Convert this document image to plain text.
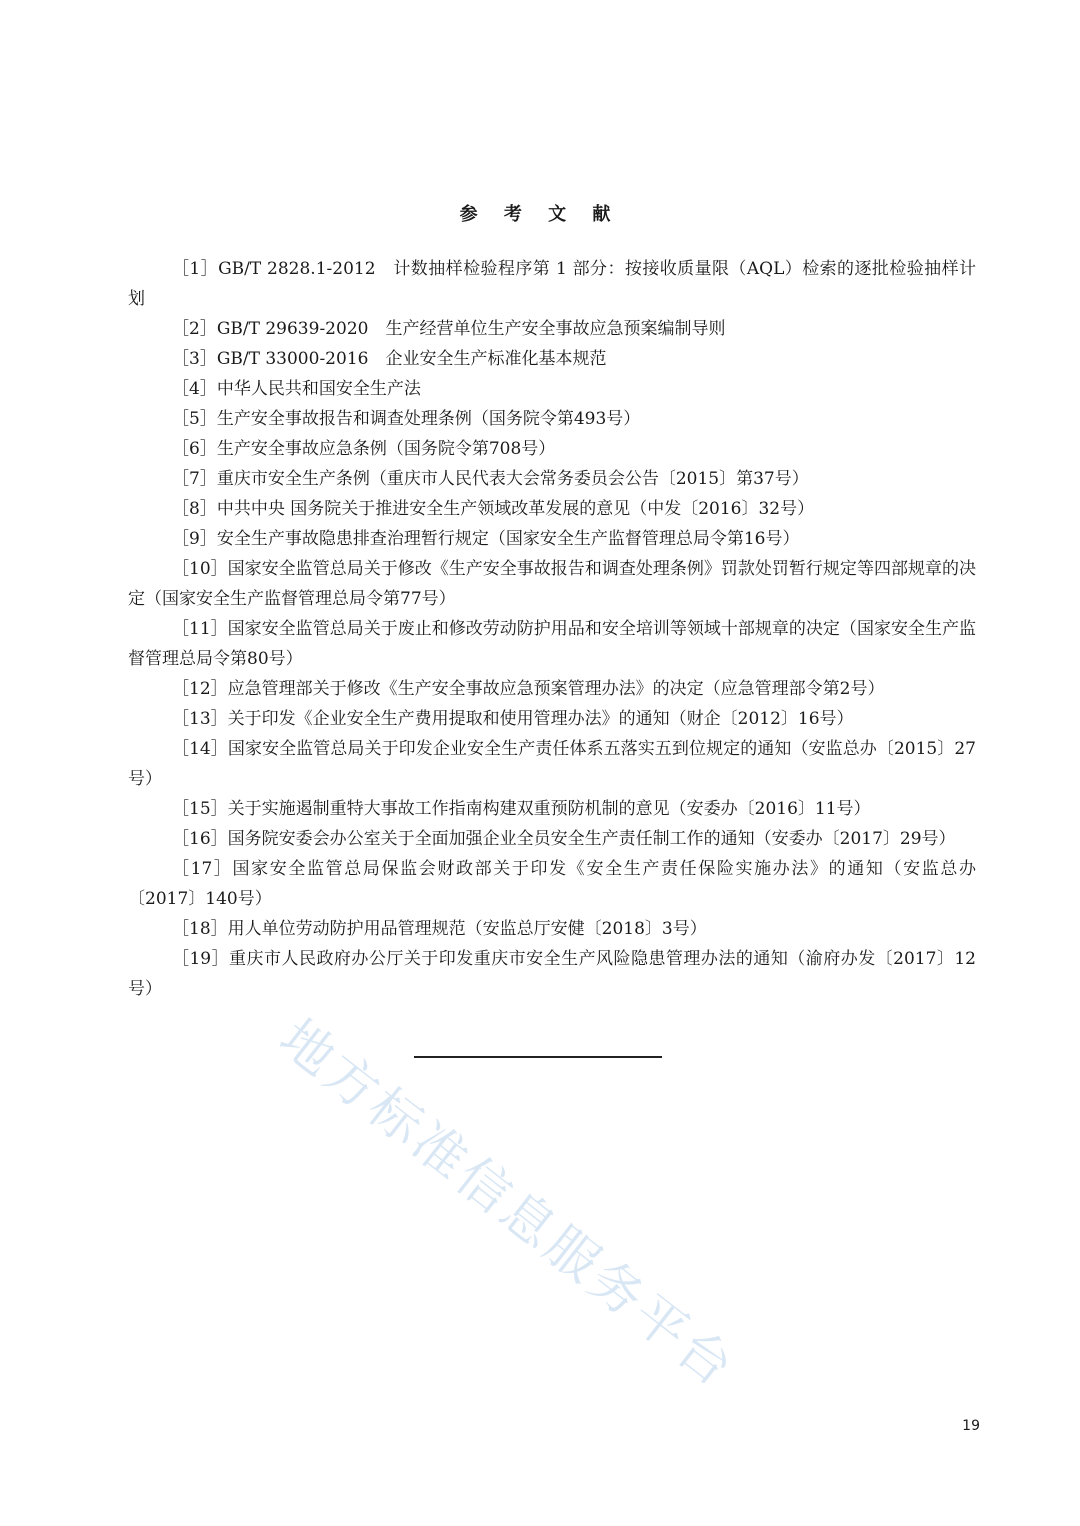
参 考 文 献

［1］GB/T 2828.1-2012　计数抽样检验程序第 1 部分：按接收质量限（AQL）检索的逐批检验抽样计划

［2］GB/T 29639-2020　生产经营单位生产安全事故应急预案编制导则

［3］GB/T 33000-2016　企业安全生产标准化基本规范

［4］中华人民共和国安全生产法

［5］生产安全事故报告和调查处理条例（国务院令第493号）

［6］生产安全事故应急条例（国务院令第708号）

［7］重庆市安全生产条例（重庆市人民代表大会常务委员会公告〔2015〕第37号）

［8］中共中央 国务院关于推进安全生产领域改革发展的意见（中发〔2016〕32号）

［9］安全生产事故隐患排查治理暂行规定（国家安全生产监督管理总局令第16号）

［10］国家安全监管总局关于修改《生产安全事故报告和调查处理条例》罚款处罚暂行规定等四部规章的决定（国家安全生产监督管理总局令第77号）

［11］国家安全监管总局关于废止和修改劳动防护用品和安全培训等领域十部规章的决定（国家安全生产监督管理总局令第80号）

［12］应急管理部关于修改《生产安全事故应急预案管理办法》的决定（应急管理部令第2号）

［13］关于印发《企业安全生产费用提取和使用管理办法》的通知（财企〔2012〕16号）

［14］国家安全监管总局关于印发企业安全生产责任体系五落实五到位规定的通知（安监总办〔2015〕27号）

［15］关于实施遏制重特大事故工作指南构建双重预防机制的意见（安委办〔2016〕11号）

［16］国务院安委会办公室关于全面加强企业全员安全生产责任制工作的通知（安委办〔2017〕29号）

［17］国家安全监管总局保监会财政部关于印发《安全生产责任保险实施办法》的通知（安监总办〔2017〕140号）

［18］用人单位劳动防护用品管理规范（安监总厅安健〔2018〕3号）

［19］重庆市人民政府办公厅关于印发重庆市安全生产风险隐患管理办法的通知（渝府办发〔2017〕12号）

地方标准信息服务平台
19
